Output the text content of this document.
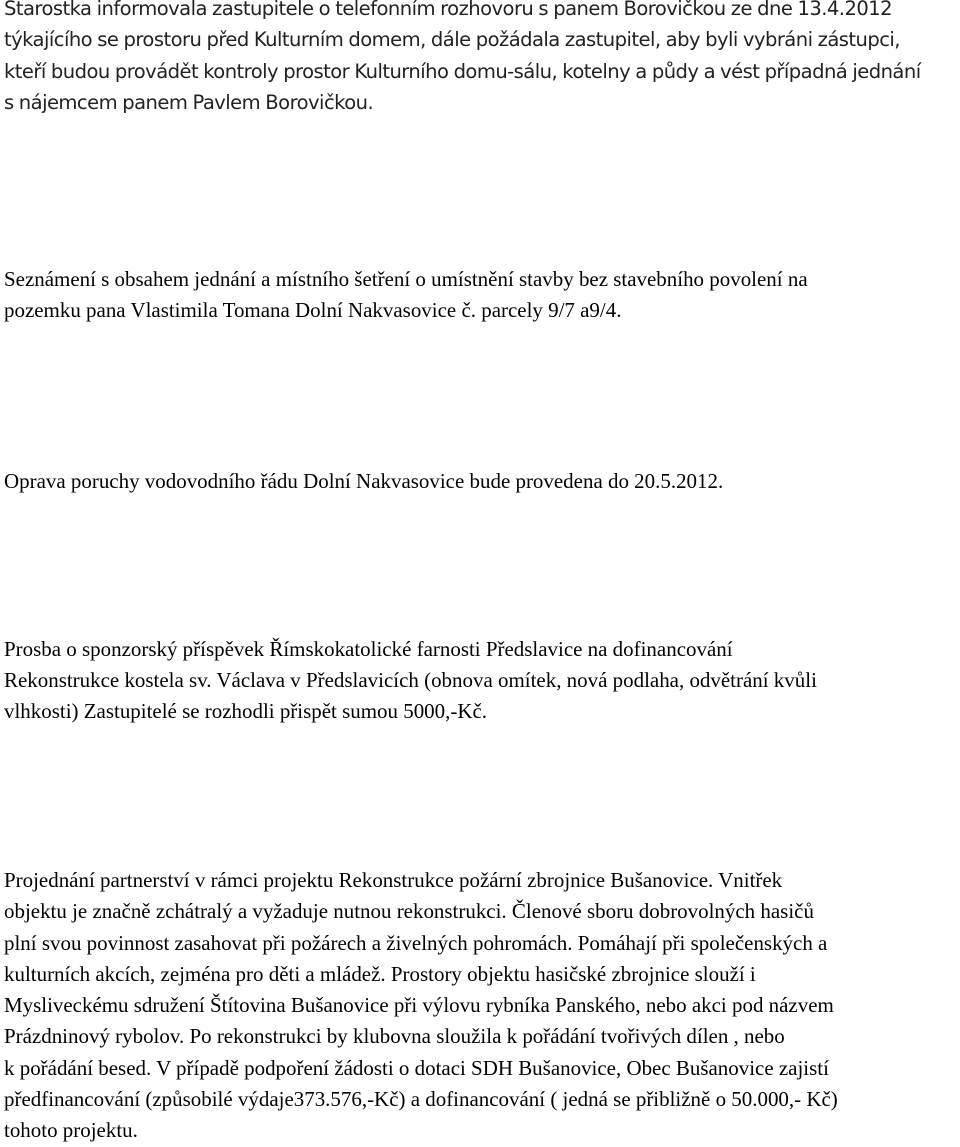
Starostka informovala zastupitele o telefonním rozhovoru s panem Borovičkou ze dne 13.4.2012
týkajícího se prostoru před Kulturním domem, dále požádala zastupitel, aby byli vybráni zástupci,
kteří budou provádět kontroly prostor Kulturního domu-sálu, kotelny a půdy a vést případná jednání
s nájemcem panem Pavlem Borovičkou.

Seznámení s obsahem jednání a místního šetření o umístnění stavby bez stavebního povolení na
pozemku pana Vlastimila Tomana Dolní Nakvasovice č. parcely 9/7 a9/4.

Oprava poruchy vodovodního řádu Dolní Nakvasovice bude provedena do 20.5.2012.

Prosba o sponzorský příspěvek Římskokatolické farnosti Předslavice na dofinancování
Rekonstrukce kostela sv. Václava v Předslavicích (obnova omítek, nová podlaha, odvětrání kvůli
vlhkosti) Zastupitelé se rozhodli přispět sumou 5000,-Kč.

Projednání partnerství v rámci projektu Rekonstrukce požární zbrojnice Bušanovice. Vnitřek
objektu je značně zchátralý a vyžaduje nutnou rekonstrukci. Členové sboru dobrovolných hasičů
plní svou povinnost zasahovat při požárech a živelných pohromách. Pomáhají při společenských a
kulturních akcích, zejména pro děti a mládež. Prostory objektu hasičské zbrojnice slouží i
Mysliveckému sdružení Štítovina Bušanovice při výlovu rybníka Panského, nebo akci pod názvem
Prázdninový rybolov. Po rekonstrukci by klubovna sloužila k pořádání tvořivých dílen , nebo
k pořádání besed. V případě podpoření žádosti o dotaci SDH Bušanovice, Obec Bušanovice zajistí
předfinancování (způsobilé výdaje373.576,-Kč) a dofinancování ( jedná se přibližně o 50.000,- Kč)
tohoto projektu.
